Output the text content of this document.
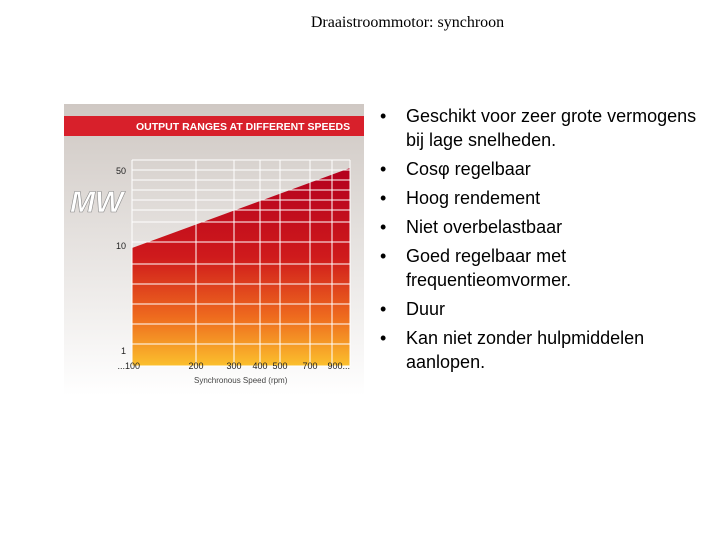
Draaistroommotor: synchroon
OUTPUT RANGES AT DIFFERENT SPEEDS
MW
50
10
1
...100	200	300 400 500 700 900...
Synchronous Speed (rpm)
• Geschikt voor zeer grote vermogens bij lage snelheden.
• Cosφ regelbaar
• Hoog rendement
• Niet overbelastbaar
• Goed regelbaar met frequentieomvormer.
• Duur
• Kan niet zonder hulpmiddelen aanlopen.
